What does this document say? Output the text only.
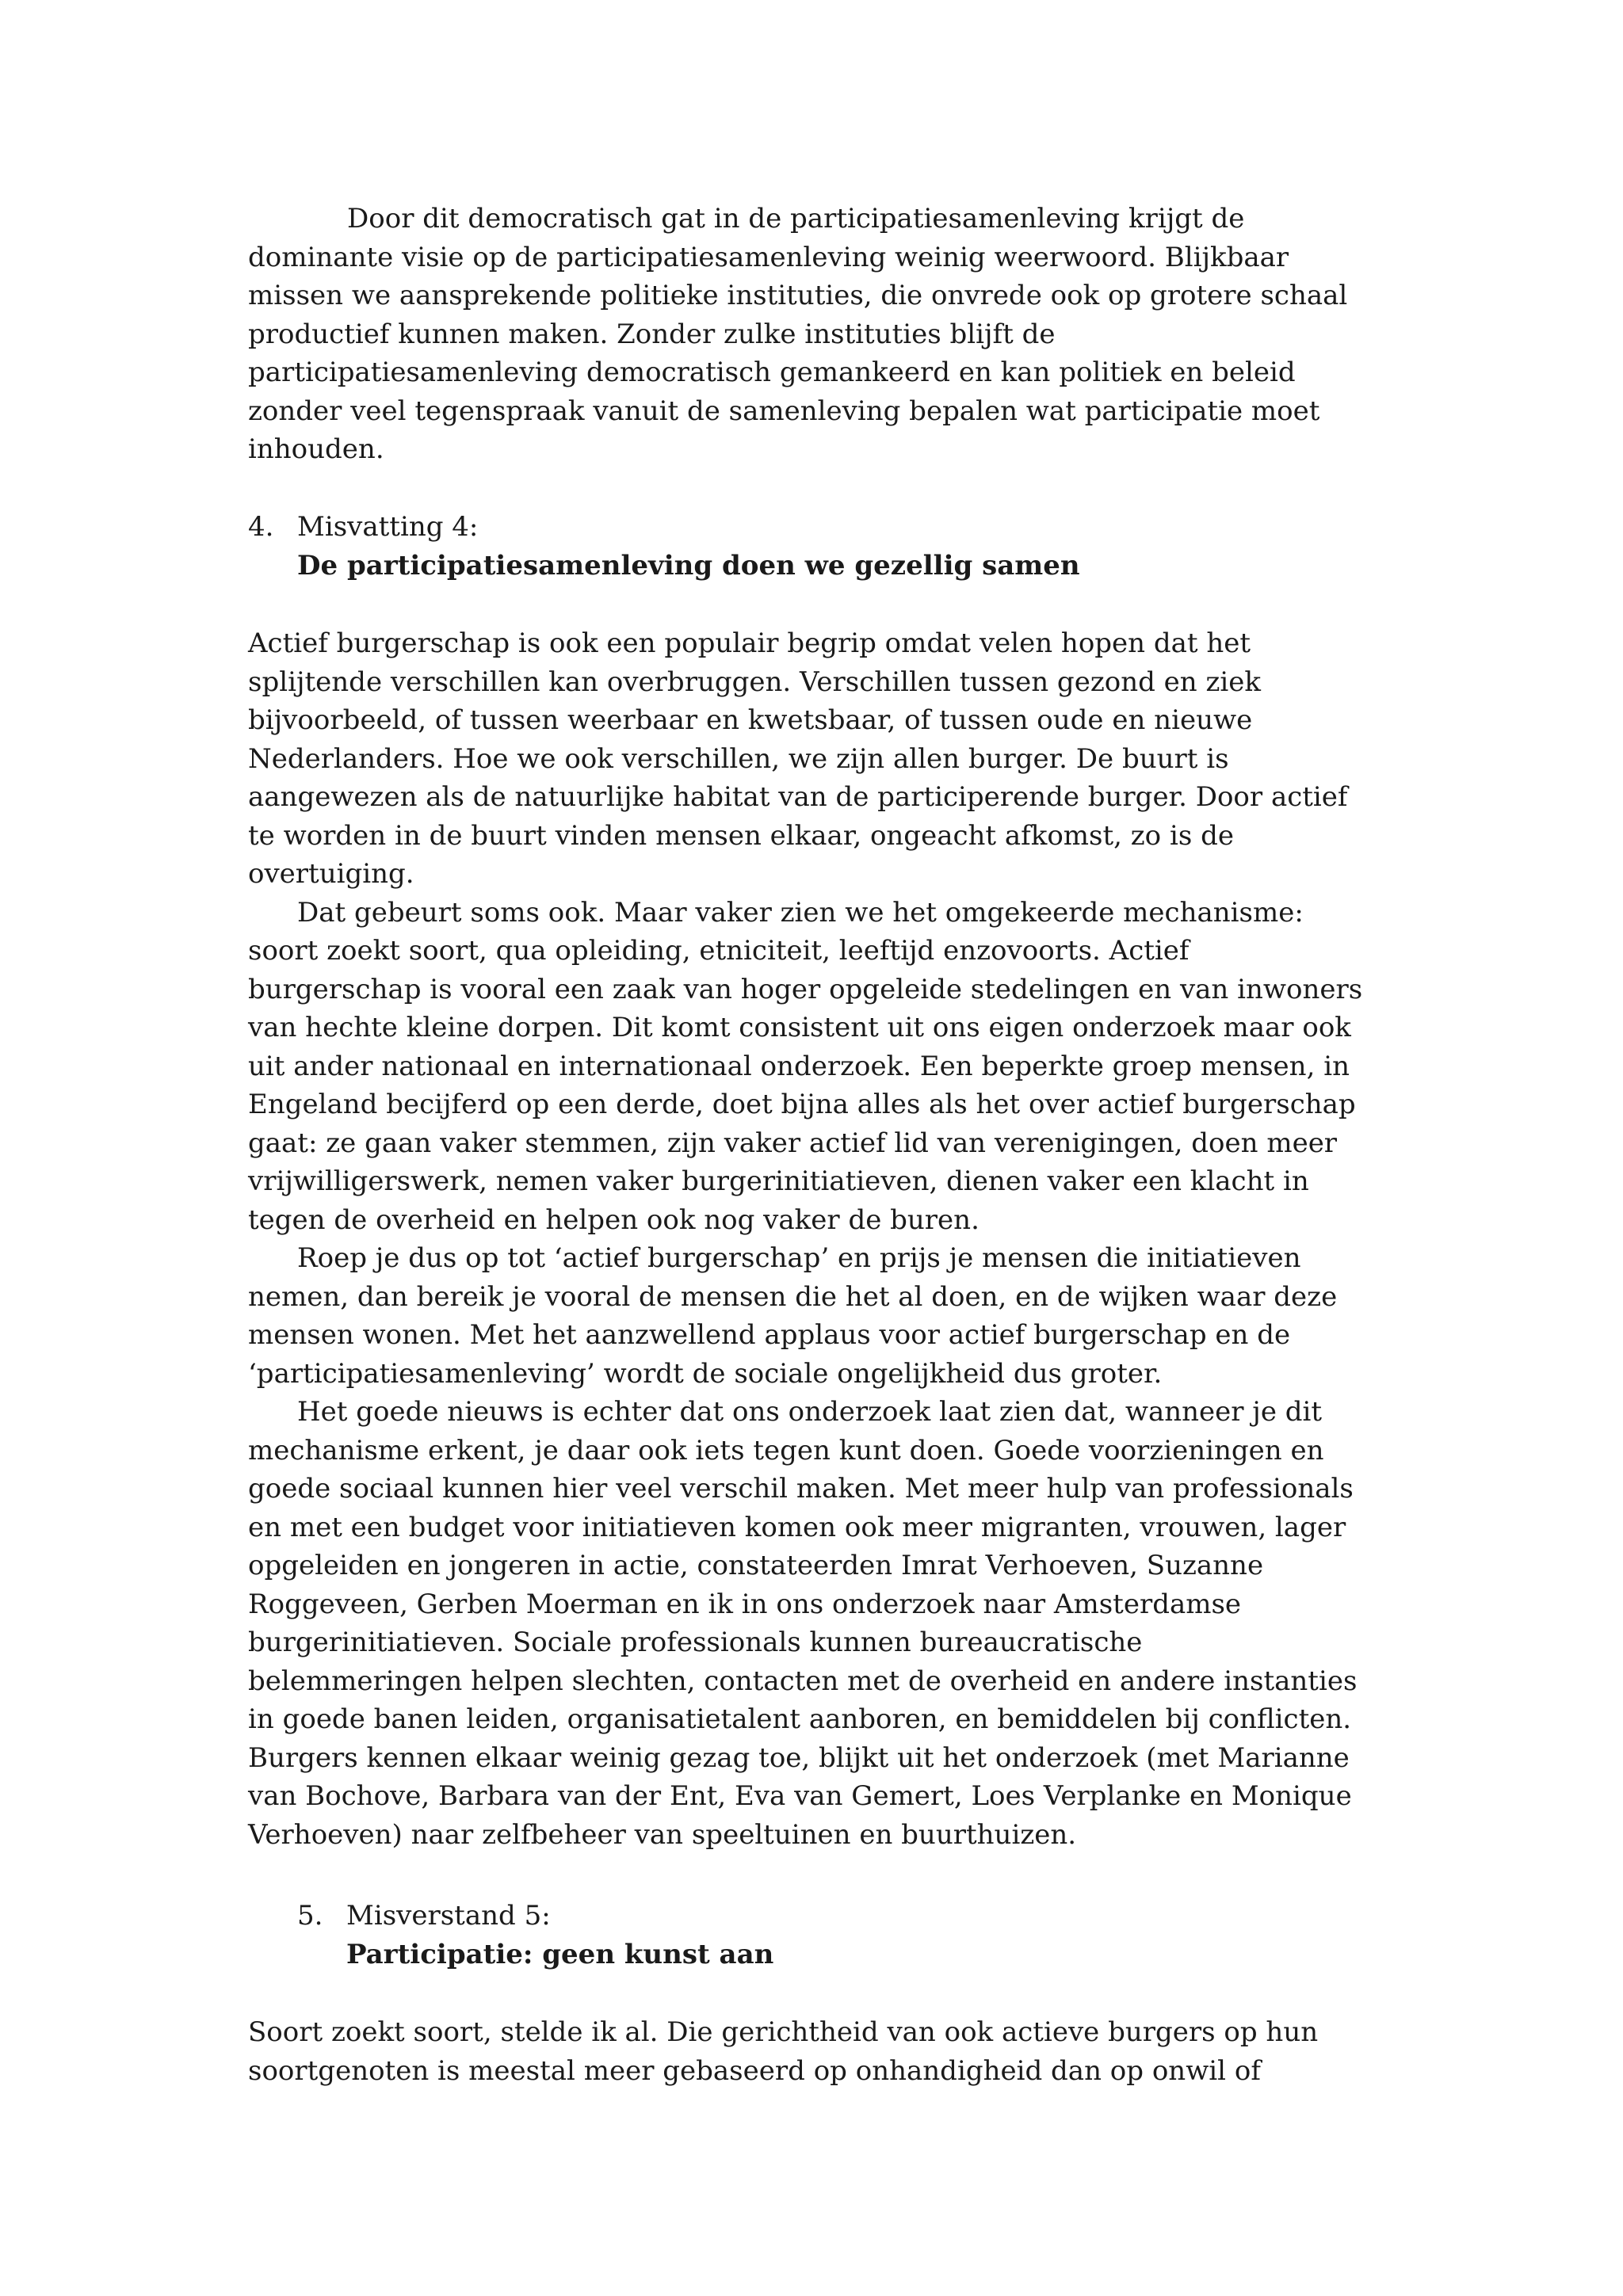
Door dit democratisch gat in de participatiesamenleving krijgt de
dominante visie op de participatiesamenleving weinig weerwoord. Blijkbaar
missen we aansprekende politieke instituties, die onvrede ook op grotere schaal
productief kunnen maken. Zonder zulke instituties blijft de
participatiesamenleving democratisch gemankeerd en kan politiek en beleid
zonder veel tegenspraak vanuit de samenleving bepalen wat participatie moet
inhouden.
4. Misvatting 4:
De participatiesamenleving doen we gezellig samen
Actief burgerschap is ook een populair begrip omdat velen hopen dat het
splijtende verschillen kan overbruggen. Verschillen tussen gezond en ziek
bijvoorbeeld, of tussen weerbaar en kwetsbaar, of tussen oude en nieuwe
Nederlanders. Hoe we ook verschillen, we zijn allen burger. De buurt is
aangewezen als de natuurlijke habitat van de participerende burger. Door actief
te worden in de buurt vinden mensen elkaar, ongeacht afkomst, zo is de
overtuiging.
Dat gebeurt soms ook. Maar vaker zien we het omgekeerde mechanisme:
soort zoekt soort, qua opleiding, etniciteit, leeftijd enzovoorts. Actief
burgerschap is vooral een zaak van hoger opgeleide stedelingen en van inwoners
van hechte kleine dorpen. Dit komt consistent uit ons eigen onderzoek maar ook
uit ander nationaal en internationaal onderzoek. Een beperkte groep mensen, in
Engeland becijferd op een derde, doet bijna alles als het over actief burgerschap
gaat: ze gaan vaker stemmen, zijn vaker actief lid van verenigingen, doen meer
vrijwilligerswerk, nemen vaker burgerinitiatieven, dienen vaker een klacht in
tegen de overheid en helpen ook nog vaker de buren.
Roep je dus op tot ‘actief burgerschap’ en prijs je mensen die initiatieven
nemen, dan bereik je vooral de mensen die het al doen, en de wijken waar deze
mensen wonen. Met het aanzwellend applaus voor actief burgerschap en de
‘participatiesamenleving’ wordt de sociale ongelijkheid dus groter.
Het goede nieuws is echter dat ons onderzoek laat zien dat, wanneer je dit
mechanisme erkent, je daar ook iets tegen kunt doen. Goede voorzieningen en
goede sociaal kunnen hier veel verschil maken. Met meer hulp van professionals
en met een budget voor initiatieven komen ook meer migranten, vrouwen, lager
opgeleiden en jongeren in actie, constateerden Imrat Verhoeven, Suzanne
Roggeveen, Gerben Moerman en ik in ons onderzoek naar Amsterdamse
burgerinitiatieven. Sociale professionals kunnen bureaucratische
belemmeringen helpen slechten, contacten met de overheid en andere instanties
in goede banen leiden, organisatietalent aanboren, en bemiddelen bij conflicten.
Burgers kennen elkaar weinig gezag toe, blijkt uit het onderzoek (met Marianne
van Bochove, Barbara van der Ent, Eva van Gemert, Loes Verplanke en Monique
Verhoeven) naar zelfbeheer van speeltuinen en buurthuizen.
5. Misverstand 5:
Participatie: geen kunst aan
Soort zoekt soort, stelde ik al. Die gerichtheid van ook actieve burgers op hun
soortgenoten is meestal meer gebaseerd op onhandigheid dan op onwil of
